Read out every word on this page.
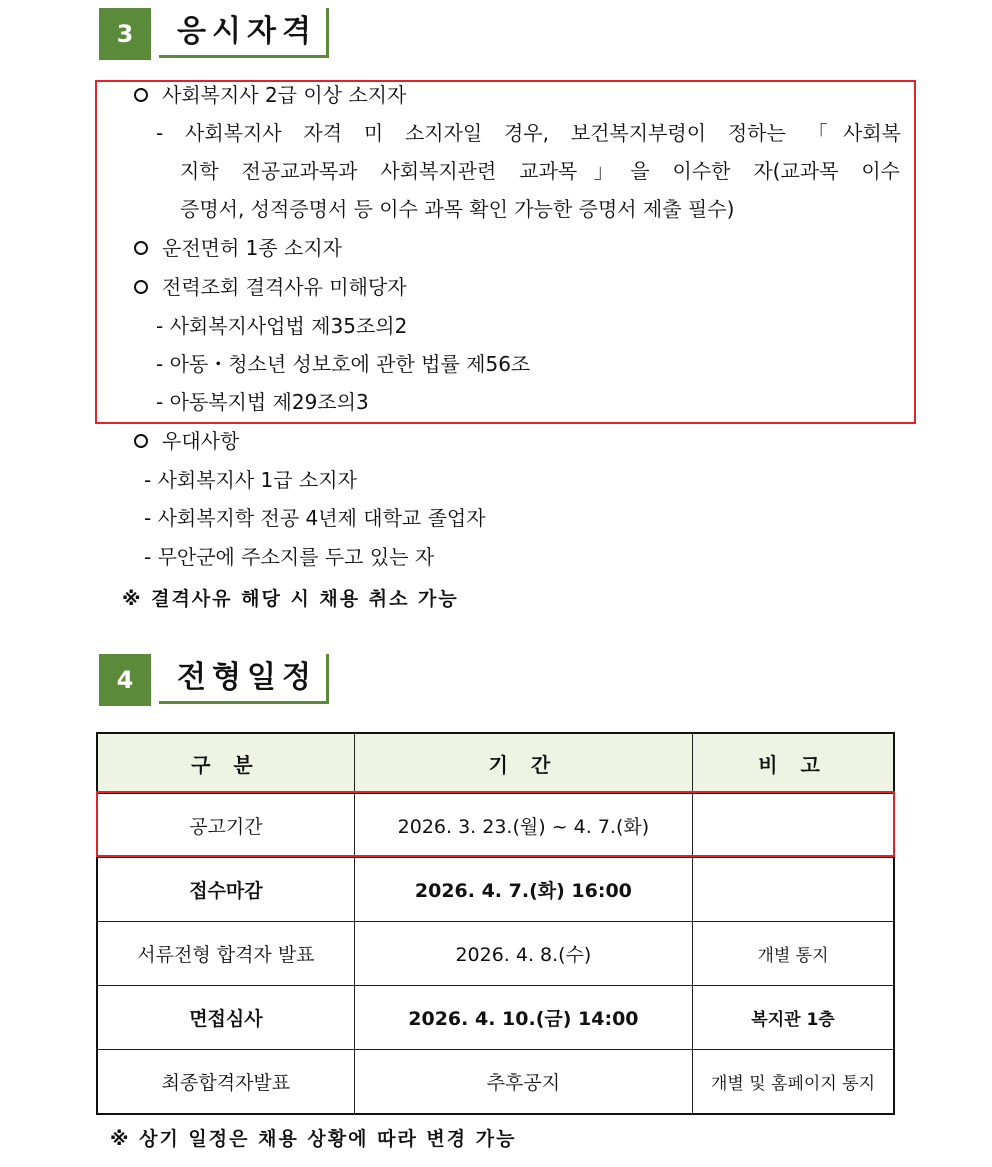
3	응시자격
사회복지사 2급 이상 소지자
- 사회복지사 자격 미 소지자일 경우, 보건복지부령이 정하는 「사회복
지학 전공교과목과 사회복지관련 교과목」을 이수한 자(교과목 이수
증명서, 성적증명서 등 이수 과목 확인 가능한 증명서 제출 필수)
운전면허 1종 소지자
전력조회 결격사유 미해당자
- 사회복지사업법 제35조의2
- 아동・청소년 성보호에 관한 법률 제56조
- 아동복지법 제29조의3
우대사항
- 사회복지사 1급 소지자
- 사회복지학 전공 4년제 대학교 졸업자
- 무안군에 주소지를 두고 있는 자
※ 결격사유 해당 시 채용 취소 가능
4	전형일정
구 분	기 간	비 고
공고기간	2026. 3. 23.(월) ~ 4. 7.(화)	
접수마감	2026. 4. 7.(화) 16:00	
서류전형 합격자 발표	2026. 4. 8.(수)	개별 통지
면접심사	2026. 4. 10.(금) 14:00	복지관 1층
최종합격자발표	추후공지	개별 및 홈페이지 통지
※ 상기 일정은 채용 상황에 따라 변경 가능
